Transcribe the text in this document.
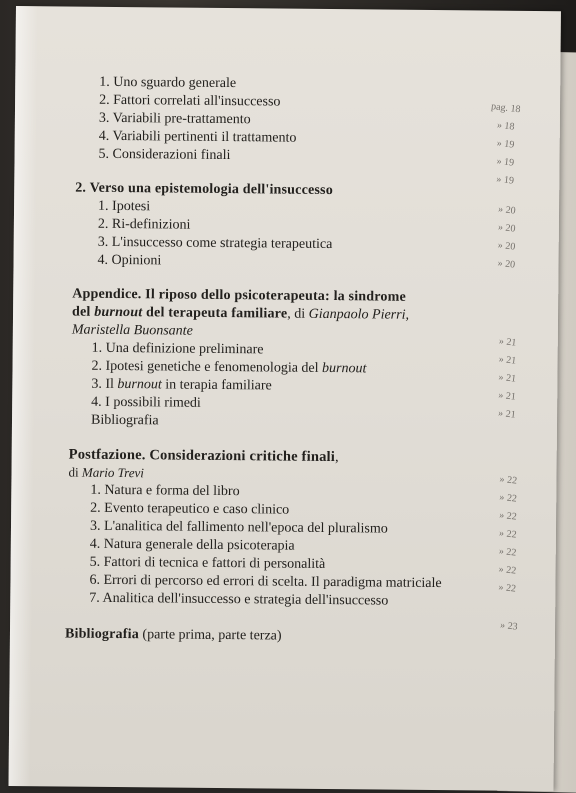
1. Uno sguardo generale
2. Fattori correlati all'insuccesso
3. Variabili pre-trattamento
4. Variabili pertinenti il trattamento
5. Considerazioni finali
2. Verso una epistemologia dell'insuccesso
1. Ipotesi
2. Ri-definizioni
3. L'insuccesso come strategia terapeutica
4. Opinioni
Appendice. Il riposo dello psicoterapeuta: la sindrome
del burnout del terapeuta familiare, di Gianpaolo Pierri,
Maristella Buonsante
1. Una definizione preliminare
2. Ipotesi genetiche e fenomenologia del burnout
3. Il burnout in terapia familiare
4. I possibili rimedi
Bibliografia
Postfazione. Considerazioni critiche finali,
di Mario Trevi
1. Natura e forma del libro
2. Evento terapeutico e caso clinico
3. L'analitica del fallimento nell'epoca del pluralismo
4. Natura generale della psicoterapia
5. Fattori di tecnica e fattori di personalità
6. Errori di percorso ed errori di scelta. Il paradigma matriciale
7. Analitica dell'insuccesso e strategia dell'insuccesso
Bibliografia (parte prima, parte terza)
pag. 18
» 18
» 19
» 19
» 19
» 20
» 20
» 20
» 20
» 21
» 21
» 21
» 21
» 21
» 22
» 22
» 22
» 22
» 22
» 22
» 22
» 23
